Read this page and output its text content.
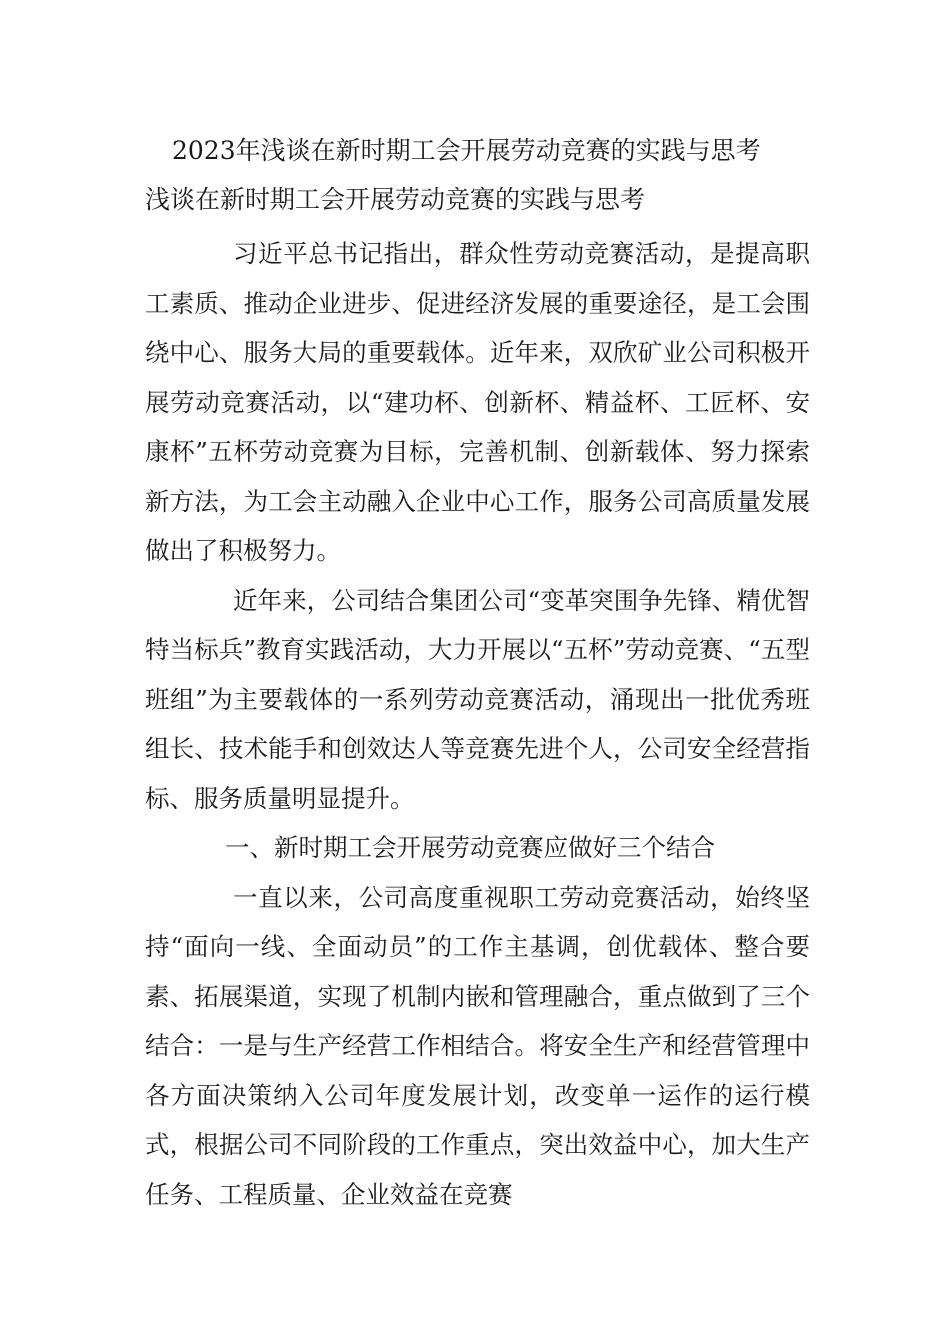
2023年浅谈在新时期工会开展劳动竞赛的实践与思考
浅谈在新时期工会开展劳动竞赛的实践与思考

习近平总书记指出，群众性劳动竞赛活动，是提高职工素质、推动企业进步、促进经济发展的重要途径，是工会围绕中心、服务大局的重要载体。近年来，双欣矿业公司积极开展劳动竞赛活动，以“建功杯、创新杯、精益杯、工匠杯、安康杯”五杯劳动竞赛为目标，完善机制、创新载体、努力探索新方法，为工会主动融入企业中心工作，服务公司高质量发展做出了积极努力。

近年来，公司结合集团公司“变革突围争先锋、精优智特当标兵”教育实践活动，大力开展以“五杯”劳动竞赛、“五型班组”为主要载体的一系列劳动竞赛活动，涌现出一批优秀班组长、技术能手和创效达人等竞赛先进个人，公司安全经营指标、服务质量明显提升。

一、新时期工会开展劳动竞赛应做好三个结合

一直以来，公司高度重视职工劳动竞赛活动，始终坚持“面向一线、全面动员”的工作主基调，创优载体、整合要素、拓展渠道，实现了机制内嵌和管理融合，重点做到了三个结合：一是与生产经营工作相结合。将安全生产和经营管理中各方面决策纳入公司年度发展计划，改变单一运作的运行模式，根据公司不同阶段的工作重点，突出效益中心，加大生产任务、工程质量、企业效益在竞赛
